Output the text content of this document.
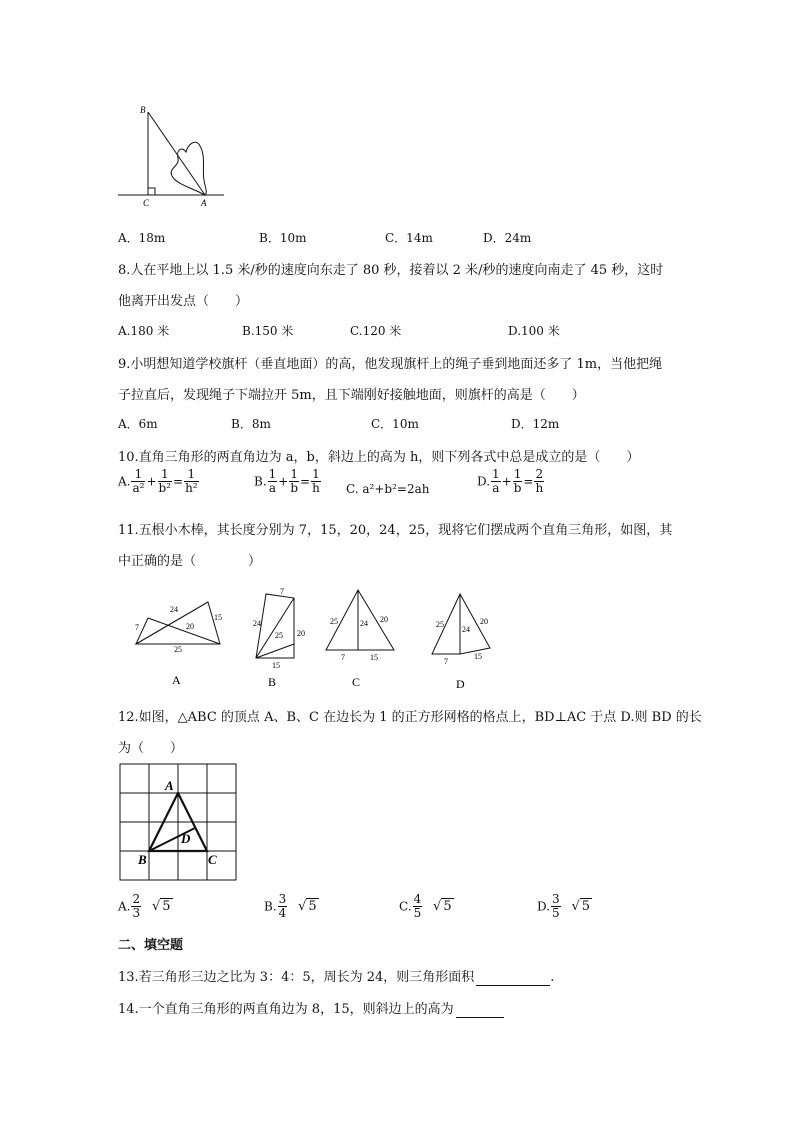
B
C	A
A．18m	B．10m	C．14m	D．24m
8.人在平地上以 1.5 米/秒的速度向东走了 80 秒，接着以 2 米/秒的速度向南走了 45 秒，这时
他离开出发点（　　）
A.180 米	B.150 米	C.120 米	D.100 米
9.小明想知道学校旗杆（垂直地面）的高，他发现旗杆上的绳子垂到地面还多了 1m，当他把绳
子拉直后，发现绳子下端拉开 5m，且下端刚好接触地面，则旗杆的高是（　　）
A．6m	B．8m	C．10m	D．12m
10.直角三角形的两直角边为 a，b，斜边上的高为 h，则下列各式中总是成立的是（　　）
A. $\frac{1}{\text{a²}} + \frac{1}{\text{b²}} = \frac{1}{\text{h²}}$	B. $\frac{1}{a} + \frac{1}{b} = \frac{1}{h} C$. a²+b²=2ah
D. $\frac{1}{a} + \frac{1}{b} = \frac{2}{h}$
11.五根小木棒，其长度分别为 7，15，20，24，25，现将它们摆成两个直角三角形，如图，其
中正确的是（　　　　）
7
24
20
15
25
A
7
24
25 20
15
B
25	24 20
7	15
C
25
24
20
7
15
D
12.如图，△ABC 的顶点 A、B、C 在边长为 1 的正方形网格的格点上，BD⊥AC 于点 D.则 BD 的长
为（　　）
A
B	C
D
A. $\frac{2}{3}$ √ 5	B. $\frac{3}{4}$ √ 5	C. $\frac{4}{5}$ √ 5	D. $\frac{3}{5}$ √ 5
二、填空题
13.若三角形三边之比为 3：4：5，周长为 24，则三角形面积	.
14.一个直角三角形的两直角边为 8，15，则斜边上的高为
